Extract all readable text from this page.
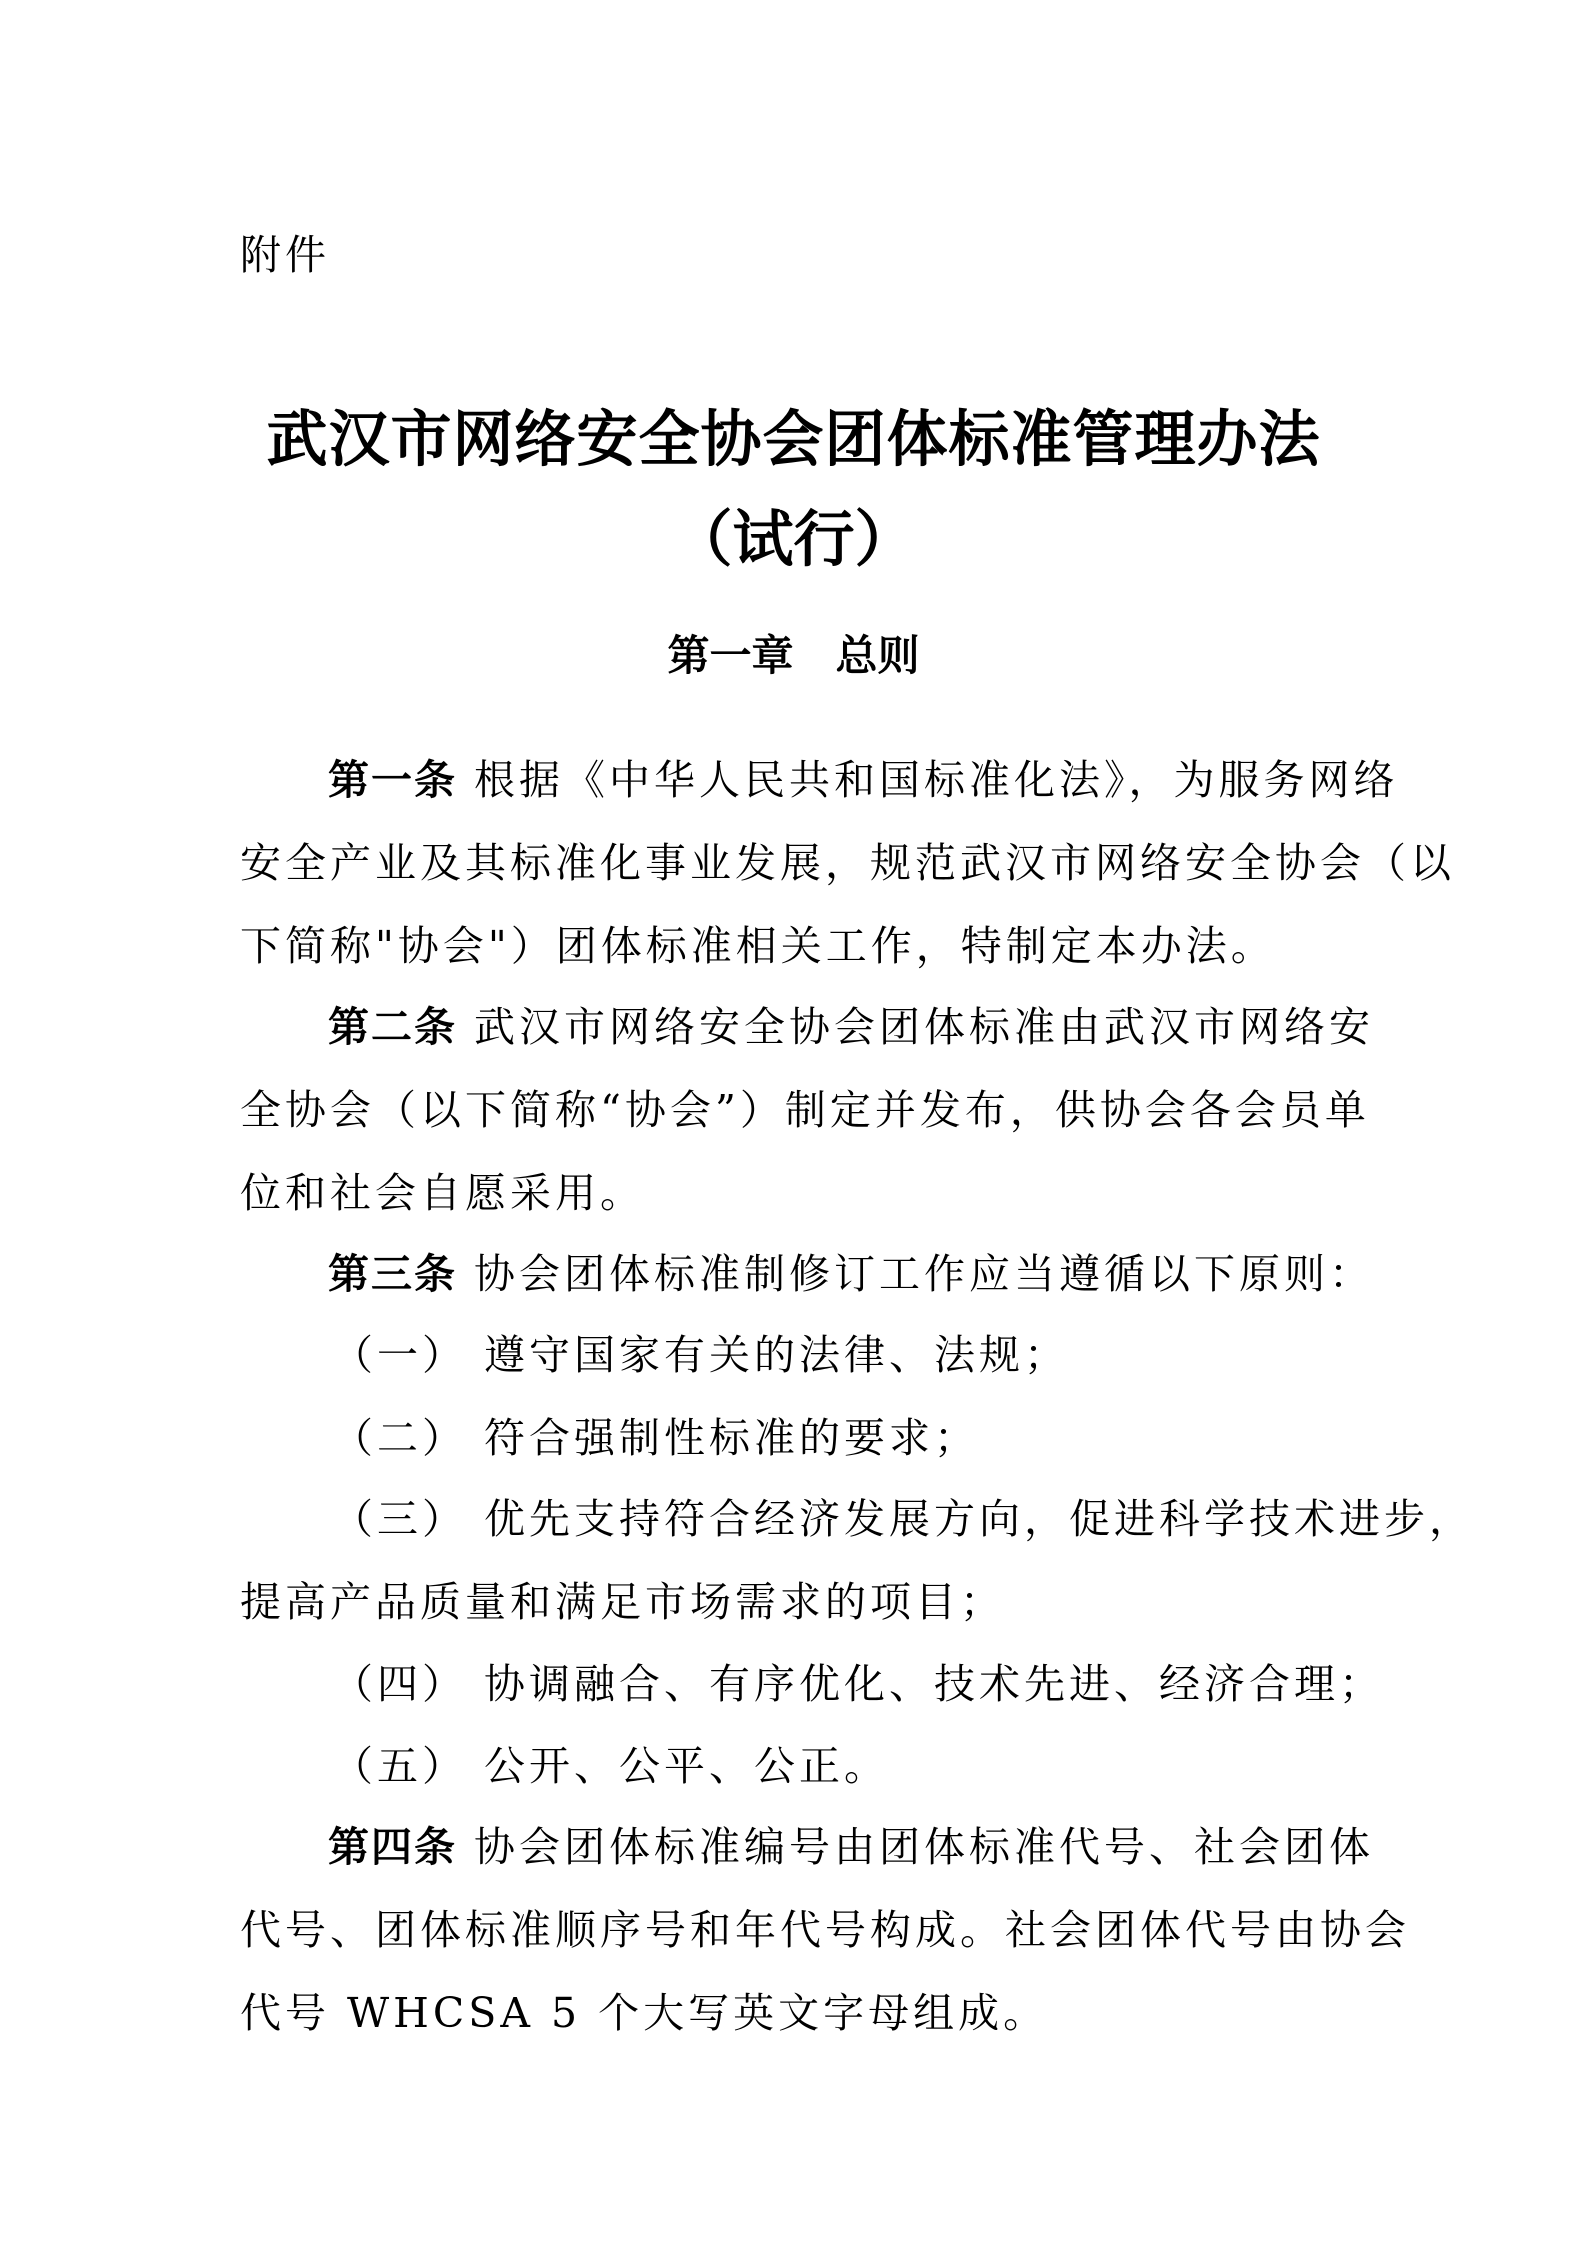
附件
武汉市网络安全协会团体标准管理办法
（试行）
第一章　总则
第一条 根据《中华人民共和国标准化法》，为服务网络
安全产业及其标准化事业发展，规范武汉市网络安全协会（以
下简称"协会"）团体标准相关工作，特制定本办法。
第二条 武汉市网络安全协会团体标准由武汉市网络安
全协会（以下简称“协会”）制定并发布，供协会各会员单
位和社会自愿采用。
第三条 协会团体标准制修订工作应当遵循以下原则：
（一） 遵守国家有关的法律、法规；
（二） 符合强制性标准的要求；
（三） 优先支持符合经济发展方向，促进科学技术进步，
提高产品质量和满足市场需求的项目；
（四） 协调融合、有序优化、技术先进、经济合理；
（五） 公开、公平、公正。
第四条 协会团体标准编号由团体标准代号、社会团体
代号、团体标准顺序号和年代号构成。社会团体代号由协会
代号 WHCSA 5 个大写英文字母组成。
